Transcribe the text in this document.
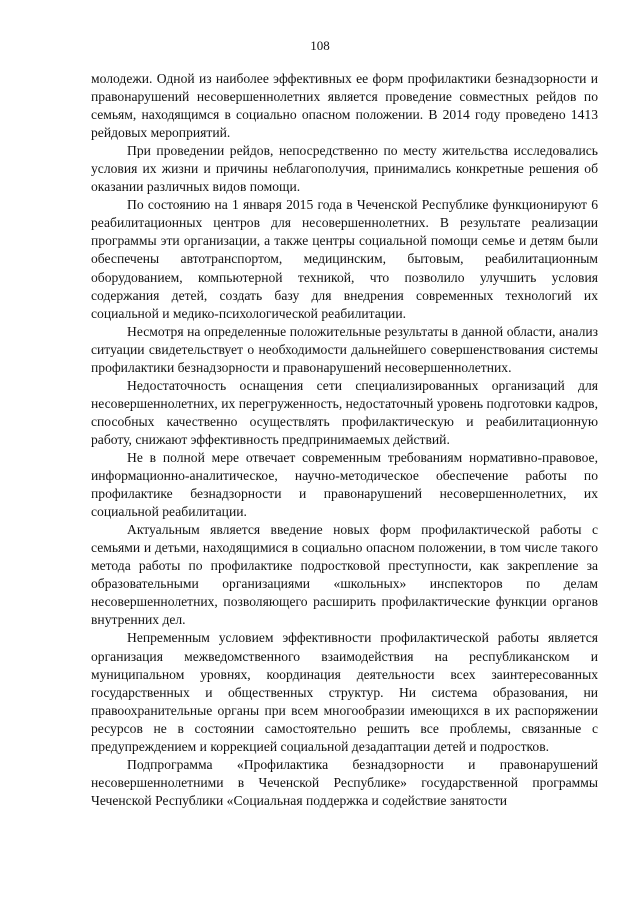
108

молодежи. Одной из наиболее эффективных ее форм профилактики безнадзорности и правонарушений несовершеннолетних является проведение совместных рейдов по семьям, находящимся в социально опасном положении. В 2014 году проведено 1413 рейдовых мероприятий.

При проведении рейдов, непосредственно по месту жительства исследовались условия их жизни и причины неблагополучия, принимались конкретные решения об оказании различных видов помощи.

По состоянию на 1 января 2015 года в Чеченской Республике функционируют 6 реабилитационных центров для несовершеннолетних. В результате реализации программы эти организации, а также центры социальной помощи семье и детям были обеспечены автотранспортом, медицинским, бытовым, реабилитационным оборудованием, компьютерной техникой, что позволило улучшить условия содержания детей, создать базу для внедрения современных технологий их социальной и медико-психологической реабилитации.

Несмотря на определенные положительные результаты в данной области, анализ ситуации свидетельствует о необходимости дальнейшего совершенствования системы профилактики безнадзорности и правонарушений несовершеннолетних.

Недостаточность оснащения сети специализированных организаций для несовершеннолетних, их перегруженность, недостаточный уровень подготовки кадров, способных качественно осуществлять профилактическую и реабилитационную работу, снижают эффективность предпринимаемых действий.

Не в полной мере отвечает современным требованиям нормативно-правовое, информационно-аналитическое, научно-методическое обеспечение работы по профилактике безнадзорности и правонарушений несовершеннолетних, их социальной реабилитации.

Актуальным является введение новых форм профилактической работы с семьями и детьми, находящимися в социально опасном положении, в том числе такого метода работы по профилактике подростковой преступности, как закрепление за образовательными организациями «школьных» инспекторов по делам несовершеннолетних, позволяющего расширить профилактические функции органов внутренних дел.

Непременным условием эффективности профилактической работы является организация межведомственного взаимодействия на республиканском и муниципальном уровнях, координация деятельности всех заинтересованных государственных и общественных структур. Ни система образования, ни правоохранительные органы при всем многообразии имеющихся в их распоряжении ресурсов не в состоянии самостоятельно решить все проблемы, связанные с предупреждением и коррекцией социальной дезадаптации детей и подростков.

Подпрограмма «Профилактика безнадзорности и правонарушений несовершеннолетними в Чеченской Республике» государственной программы Чеченской Республики «Социальная поддержка и содействие занятости
